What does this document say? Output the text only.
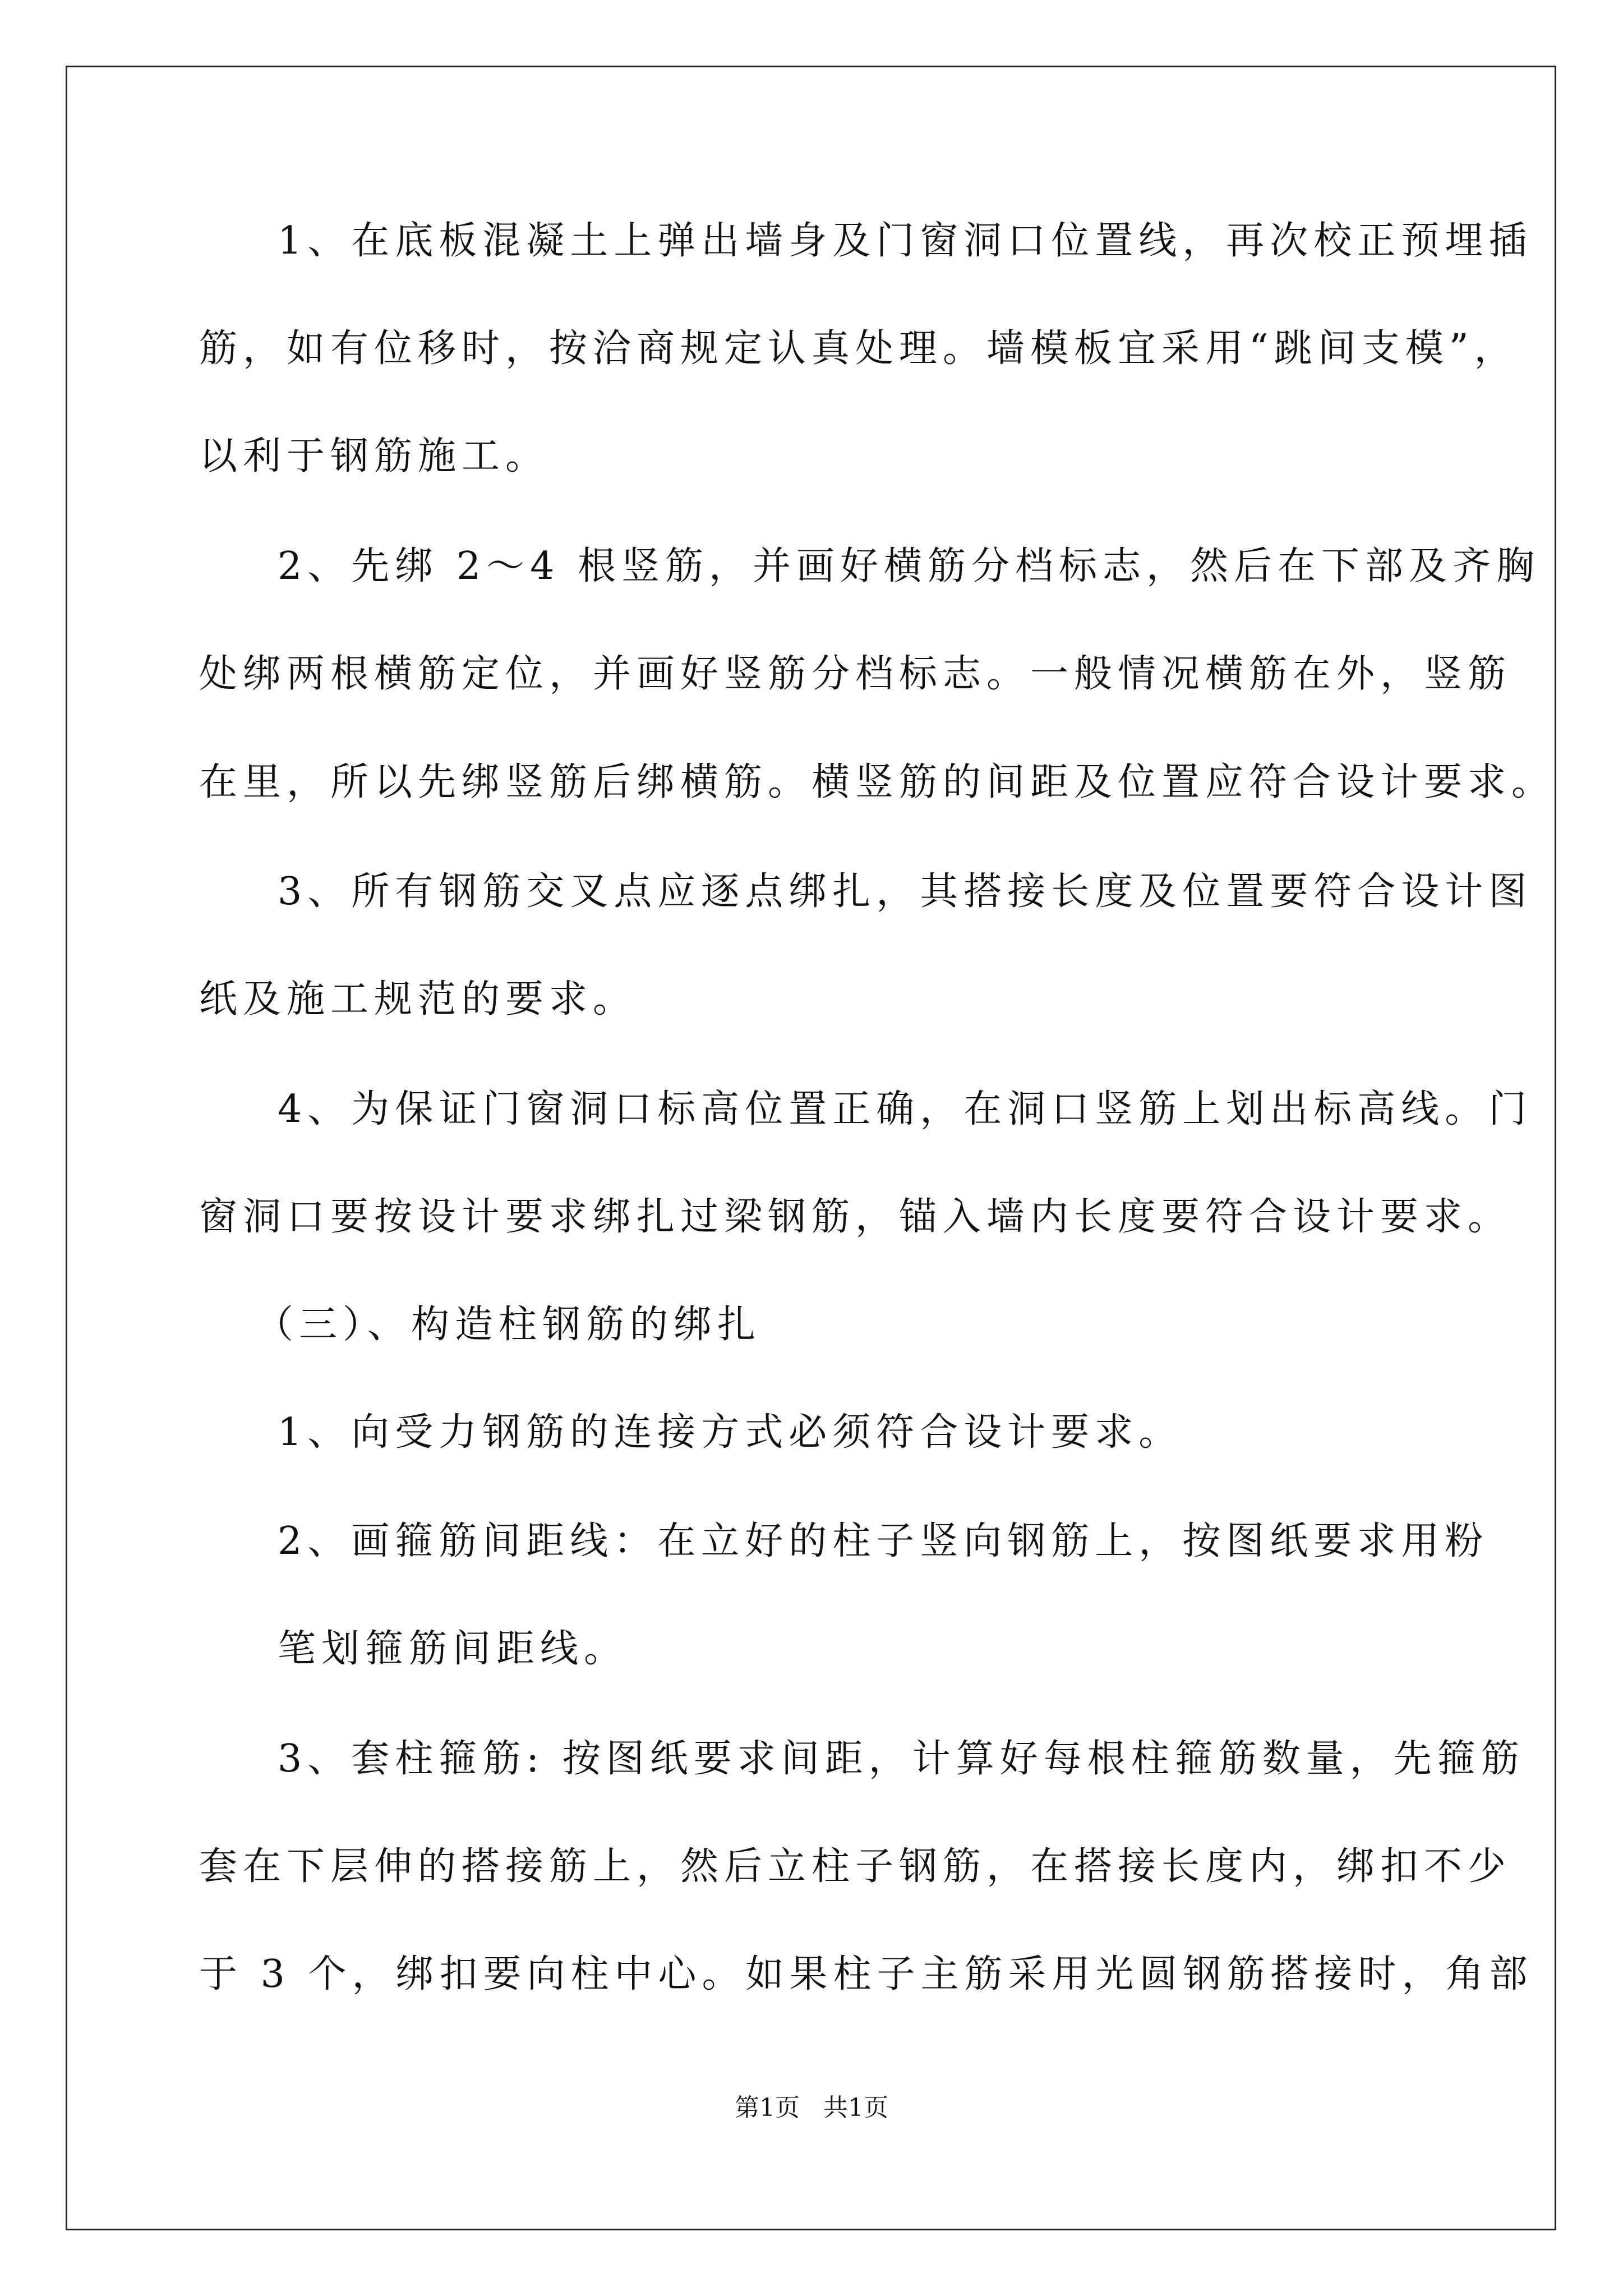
1、在底板混凝土上弹出墙身及门窗洞口位置线，再次校正预埋插
筋，如有位移时，按洽商规定认真处理。墙模板宜采用“跳间支模”，
以利于钢筋施工。
2、先绑 2～4 根竖筋，并画好横筋分档标志，然后在下部及齐胸
处绑两根横筋定位，并画好竖筋分档标志。一般情况横筋在外，竖筋
在里，所以先绑竖筋后绑横筋。横竖筋的间距及位置应符合设计要求。
3、所有钢筋交叉点应逐点绑扎，其搭接长度及位置要符合设计图
纸及施工规范的要求。
4、为保证门窗洞口标高位置正确，在洞口竖筋上划出标高线。门
窗洞口要按设计要求绑扎过梁钢筋，锚入墙内长度要符合设计要求。
（三）、构造柱钢筋的绑扎
1、向受力钢筋的连接方式必须符合设计要求。
2、画箍筋间距线：在立好的柱子竖向钢筋上，按图纸要求用粉
笔划箍筋间距线。
3、套柱箍筋: 按图纸要求间距，计算好每根柱箍筋数量，先箍筋
套在下层伸的搭接筋上，然后立柱子钢筋，在搭接长度内，绑扣不少
于 3 个，绑扣要向柱中心。如果柱子主筋采用光圆钢筋搭接时，角部
第1页   共1页
